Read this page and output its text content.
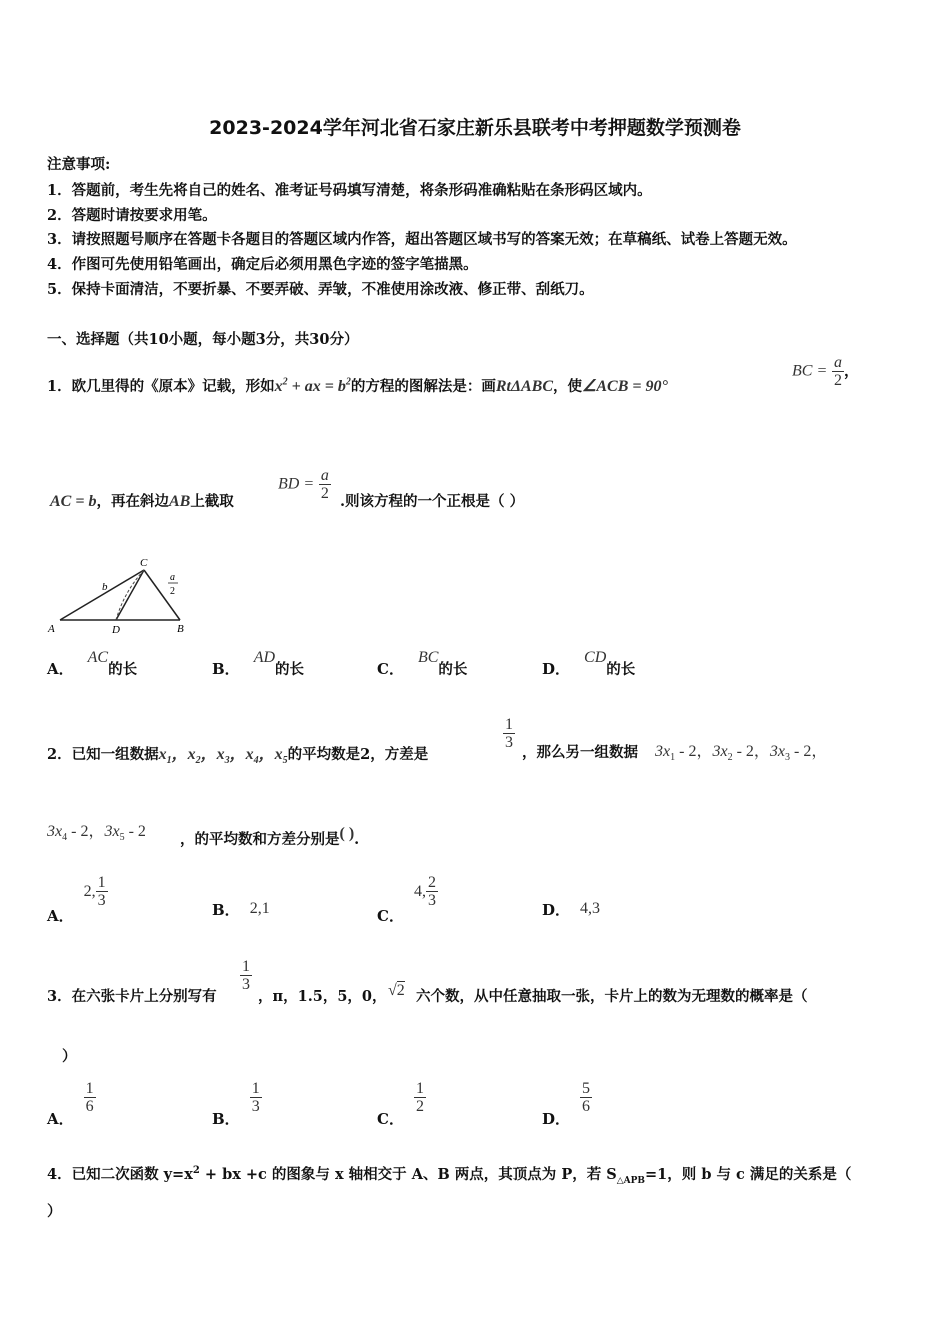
2023-2024学年河北省石家庄新乐县联考中考押题数学预测卷
注意事项:
1．答题前，考生先将自己的姓名、准考证号码填写清楚，将条形码准确粘贴在条形码区域内。
2．答题时请按要求用笔。
3．请按照题号顺序在答题卡各题目的答题区域内作答，超出答题区域书写的答案无效；在草稿纸、试卷上答题无效。
4．作图可先使用铅笔画出，确定后必须用黑色字迹的签字笔描黑。
5．保持卡面清洁，不要折暴、不要弄破、弄皱，不准使用涂改液、修正带、刮纸刀。
一、选择题（共10小题，每小题3分，共30分）
1．欧几里得的《原本》记载，形如$x^2$ + ax = $b^2$的方程的图解法是：画RtΔABC，使∠ACB = 90°
BC = $\frac{a}{2}$ ，
AC = b，再在斜边AB上截取
BD = $\frac{a}{2}$ .则该方程的一个正根是（ ）
A	D	B
C
b
a
2
A．AC的长	B．AD的长	C．BC的长	D．CD的长
2．已知一组数据$x_1$，$x_2$，$x_3$，$x_4$，$x_5$的平均数是2，方差是
$\frac{1}{3}$
，那么另一组数据 $3x_1 - 2$，$3x_2 - 2$，$3x_3 - 2$，
$3x_4 - 2$，$3x_5 - 2$ ，的平均数和方差分别是( ).
A．2, $\frac{1}{3}$
B． 2,1	C．4, $\frac{2}{3}$
D． 4,3
3．在六张卡片上分别写有
$\frac{1}{3}$
，π，1.5，5，0， √2 六个数，从中任意抽取一张，卡片上的数为无理数的概率是（
）
A．
$\frac{1}{6}$
B．
$\frac{1}{3}$
C．
$\frac{1}{2}$
D．
$\frac{5}{6}$
4．已知二次函数 $y=x^2$ + bx +c 的图象与 x 轴相交于 A、B 两点，其顶点为 P，若 $S_{\triangle APB}=1$，则 b 与 c 满足的关系是（
）
